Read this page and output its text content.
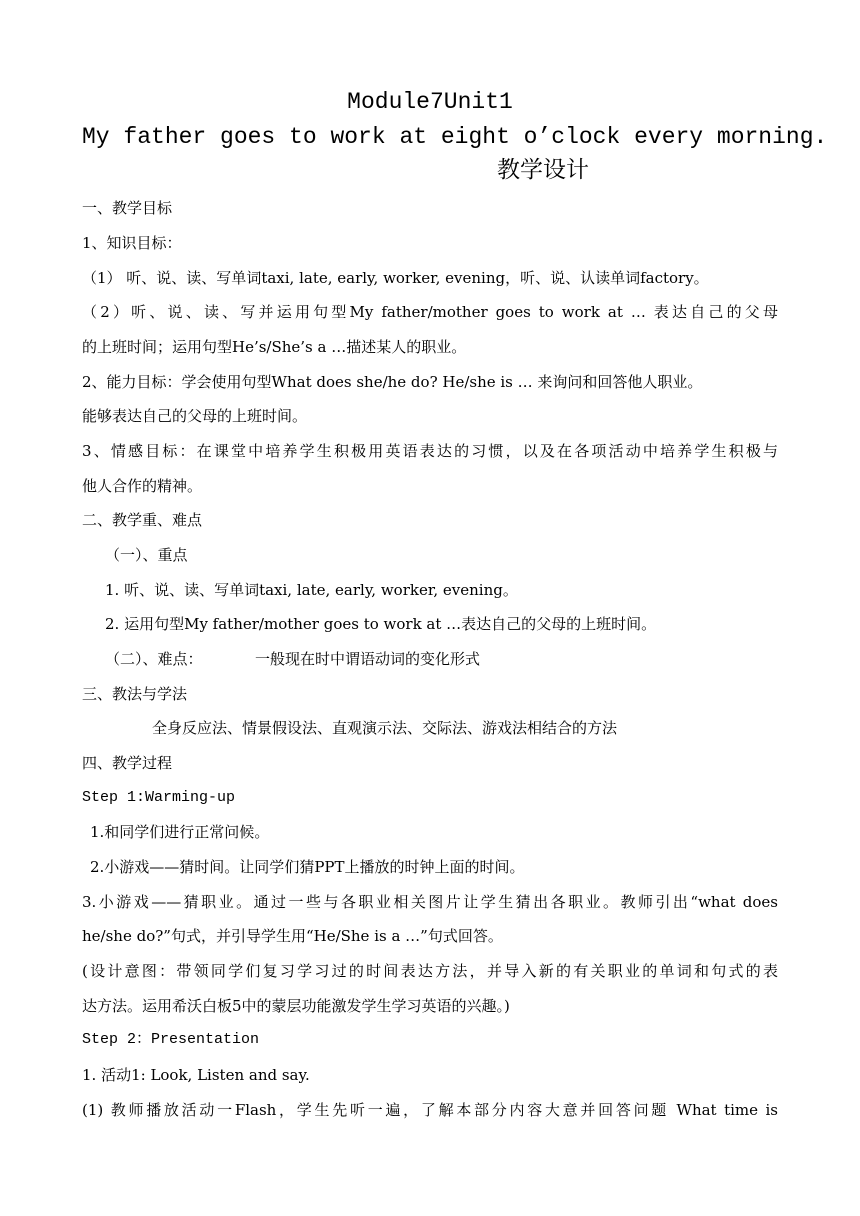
Module7Unit1
My father goes to work at eight o’clock every morning.
教学设计
一、教学目标
1、知识目标：
（1） 听、说、读、写单词taxi, late, early, worker, evening，听、说、认读单词factory。
（2）听、说、读、写并运用句型My father/mother goes to work at … 表达自己的父母
的上班时间；运用句型He’s/She’s a …描述某人的职业。
2、能力目标：学会使用句型What does she/he do? He/she is … 来询问和回答他人职业。
能够表达自己的父母的上班时间。
3、情感目标：在课堂中培养学生积极用英语表达的习惯，以及在各项活动中培养学生积极与
他人合作的精神。
二、教学重、难点
（一）、重点
1. 听、说、读、写单词taxi, late, early, worker, evening。
2. 运用句型My father/mother goes to work at …表达自己的父母的上班时间。
（二）、难点：	一般现在时中谓语动词的变化形式
三、教法与学法
全身反应法、情景假设法、直观演示法、交际法、游戏法相结合的方法
四、教学过程
Step 1:Warming-up
1.和同学们进行正常问候。
2.小游戏——猜时间。让同学们猜PPT上播放的时钟上面的时间。
3.小游戏——猜职业。通过一些与各职业相关图片让学生猜出各职业。教师引出“what does
he/she do?”句式，并引导学生用“He/She is a …”句式回答。
(设计意图：带领同学们复习学习过的时间表达方法，并导入新的有关职业的单词和句式的表
达方法。运用希沃白板5中的蒙层功能激发学生学习英语的兴趣。)
Step 2：Presentation
1. 活动1: Look, Listen and say.
(1) 教师播放活动一Flash，学生先听一遍，了解本部分内容大意并回答问题 What time is
